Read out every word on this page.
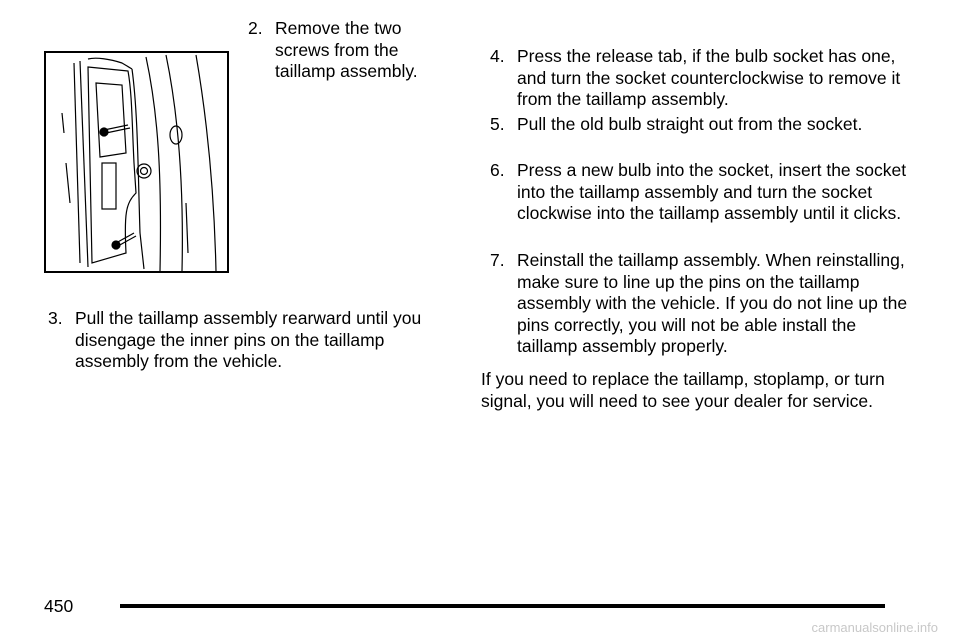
2. Remove the two screws from the taillamp assembly.
3. Pull the taillamp assembly rearward until you disengage the inner pins on the taillamp assembly from the vehicle.
4. Press the release tab, if the bulb socket has one, and turn the socket counterclockwise to remove it from the taillamp assembly.
5. Pull the old bulb straight out from the socket.
6. Press a new bulb into the socket, insert the socket into the taillamp assembly and turn the socket clockwise into the taillamp assembly until it clicks.
7. Reinstall the taillamp assembly. When reinstalling, make sure to line up the pins on the taillamp assembly with the vehicle. If you do not line up the pins correctly, you will not be able install the taillamp assembly properly.
If you need to replace the taillamp, stoplamp, or turn signal, you will need to see your dealer for service.
450
carmanualsonline.info
